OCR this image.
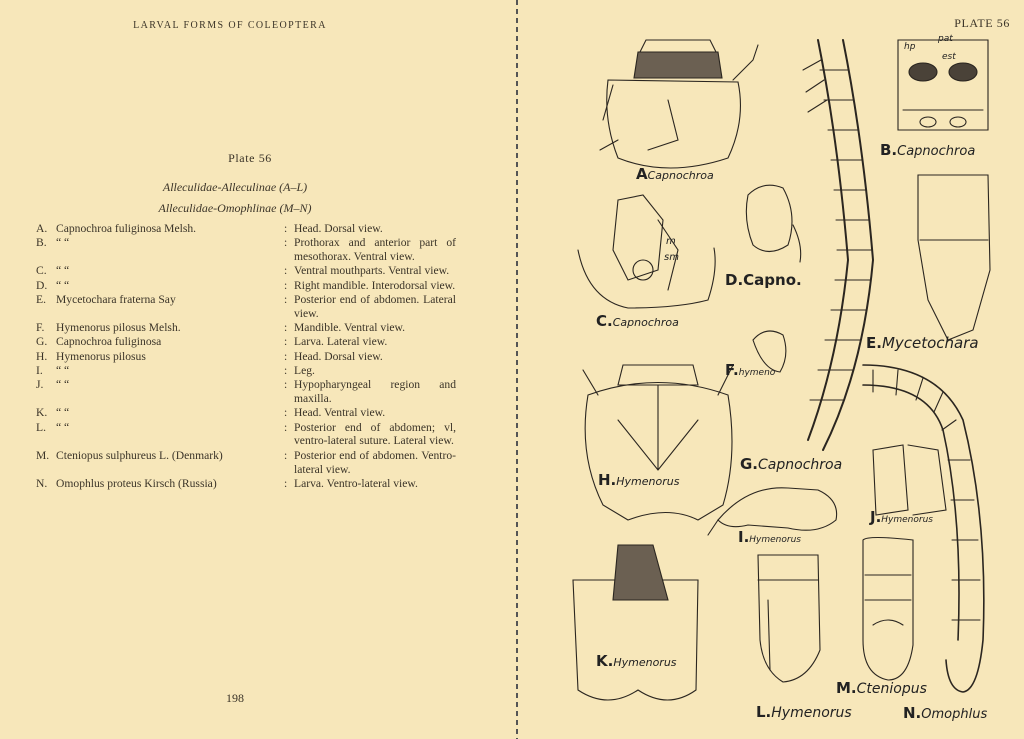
LARVAL FORMS OF COLEOPTERA
Plate 56
Alleculidae-Alleculinae (A–L)
Alleculidae-Omophlinae (M–N)
A. Capnochroa fuliginosa Melsh.	: Head. Dorsal view.
B. “ “	: Prothorax and anterior part of mesothorax. Ventral view.
C. “ “	: Ventral mouthparts. Ventral view.
D. “ “	: Right mandible. Interodorsal view.
E. Mycetochara fraterna Say	: Posterior end of abdomen. Lateral view.
F. Hymenorus pilosus Melsh.	: Mandible. Ventral view.
G. Capnochroa fuliginosa	: Larva. Lateral view.
H. Hymenorus pilosus	: Head. Dorsal view.
I.	“ “	: Leg.
J.	“ “	: Hypopharyngeal region and maxilla.
K. “ “	: Head. Ventral view.
L. “ “	: Posterior end of abdomen; vl, ventro-lateral suture. Lateral view.
M. Cteniopus sulphureus L. (Denmark)	: Posterior end of abdomen. Ventro-lateral view.
N. Omophlus proteus Kirsch (Russia)	: Larva. Ventro-lateral view.
198
PLATE 56
ACapnochroa
B.Capnochroa
C.Capnochroa
D.Capno.
E.Mycetochara
F.hymeno
G.Capnochroa
H.Hymenorus
I.Hymenorus
J.Hymenorus
K.Hymenorus
L.Hymenorus
M.Cteniopus
N.Omophlus
m
sm
hp
pat
est
